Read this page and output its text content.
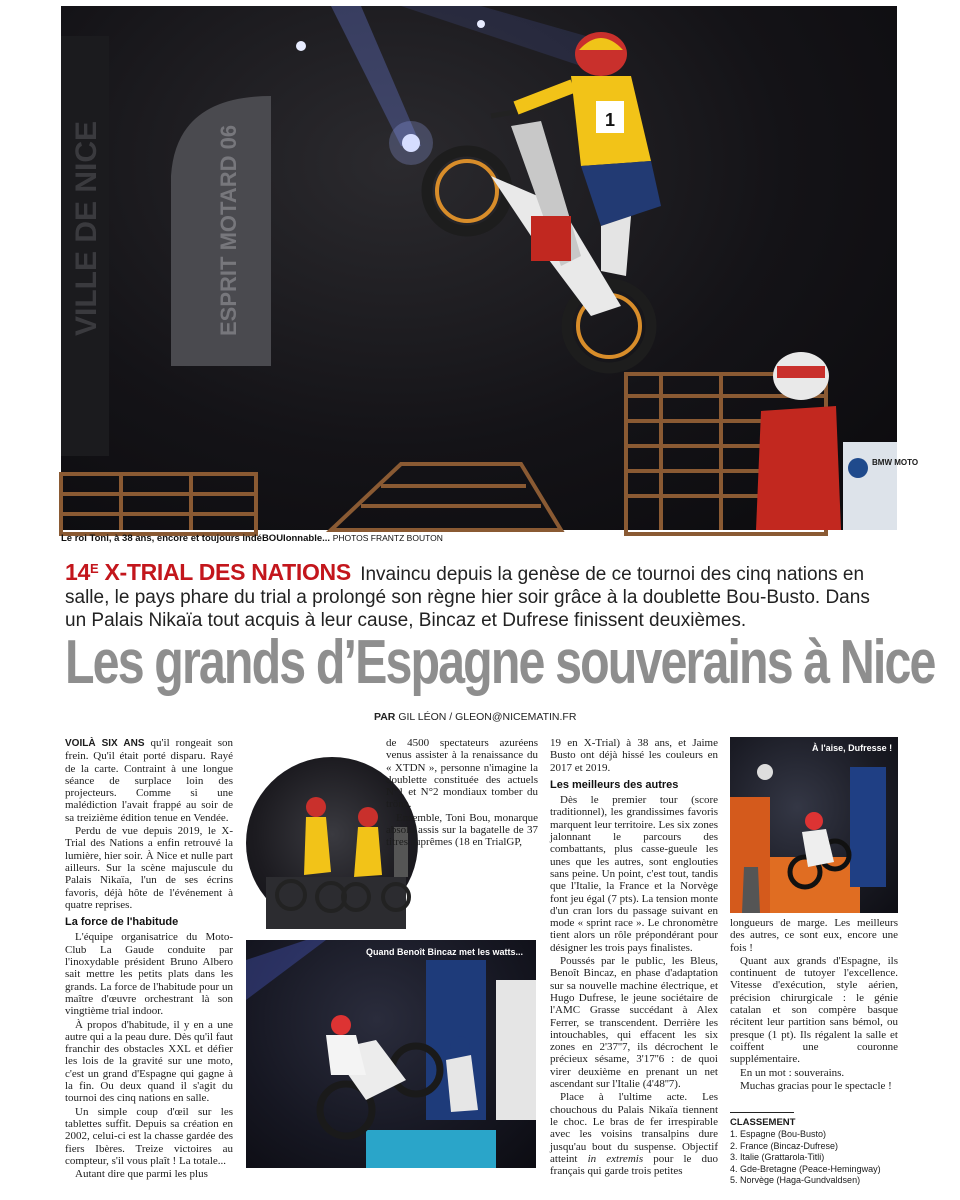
VILLE DE NICE	ESPRIT MOTARD 06
1
BMW MOTO
Le roi Toni, à 38 ans, encore et toujours indéBOUIonnable... PHOTOS FRANTZ BOUTON
$14^E$ X-TRIAL DES NATIONS Invaincu depuis la genèse de ce tournoi des cinq nations en salle, le pays phare du trial a prolongé son règne hier soir grâce à la doublette Bou-Busto. Dans un Palais Nikaïa tout acquis à leur cause, Bincaz et Dufrese finissent deuxièmes.
Les grands d’Espagne souverains à Nice
PAR GIL LÉON / GLEON@NICEMATIN.FR

VOILÀ SIX ANS qu'il rongeait son frein. Qu'il était porté disparu. Rayé de la carte. Contraint à une longue séance de surplace loin des projecteurs. Comme si une malédiction l'avait frappé au soir de sa treizième édition tenue en Vendée.

Perdu de vue depuis 2019, le X-Trial des Nations a enfin retrouvé la lumière, hier soir. À Nice et nulle part ailleurs. Sur la scène majuscule du Palais Nikaïa, l'un de ses écrins favoris, déjà hôte de l'événement à quatre reprises.

La force de l'habitude

L'équipe organisatrice du Moto-Club La Gaude conduite par l'inoxydable président Bruno Albero sait mettre les petits plats dans les grands. La force de l'habitude pour un maître d'œuvre orchestrant là son vingtième trial indoor.

À propos d'habitude, il y en a une autre qui a la peau dure. Dès qu'il faut franchir des obstacles XXL et défier les lois de la gravité sur une moto, c'est un grand d'Espagne qui gagne à la fin. Ou deux quand il s'agit du tournoi des cinq nations en salle.

Un simple coup d'œil sur les tablettes suffit. Depuis sa création en 2002, celui-ci est la chasse gardée des fiers Ibères. Treize victoires au compteur, s'il vous plaît ! La totale...

Autant dire que parmi les plus

de 4500 spectateurs azuréens venus assister à la renaissance du « XTDN », personne n'imagine la doublette constituée des actuels N°1 et N°2 mondiaux tomber du trône.

Ensemble, Toni Bou, monarque absolu assis sur la bagatelle de 37 titres suprêmes (18 en TrialGP,

Quand Benoît Bincaz met les watts...

19 en X-Trial) à 38 ans, et Jaime Busto ont déjà hissé les couleurs en 2017 et 2019.

Les meilleurs des autres

Dès le premier tour (score traditionnel), les grandissimes favoris marquent leur territoire. Les six zones jalonnant le parcours des combattants, plus casse-gueule les unes que les autres, sont englouties sans peine. Un point, c'est tout, tandis que l'Italie, la France et la Norvège font jeu égal (7 pts). La tension monte d'un cran lors du passage suivant en mode « sprint race ». Le chronomètre tient alors un rôle prépondérant pour désigner les trois pays finalistes.

Poussés par le public, les Bleus, Benoît Bincaz, en phase d'adaptation sur sa nouvelle machine électrique, et Hugo Dufrese, le jeune sociétaire de l'AMC Grasse succédant à Alex Ferrer, se transcendent. Derrière les intouchables, qui effacent les six zones en 2'37''7, ils décrochent le précieux sésame, 3'17''6 : de quoi virer deuxième en prenant un net ascendant sur l'Italie (4'48''7).

Place à l'ultime acte. Les chouchous du Palais Nikaïa tiennent le choc. Le bras de fer irrespirable avec les voisins transalpins dure jusqu'au bout du suspense. Objectif atteint in extremis pour le duo français qui garde trois petites

À l'aise, Dufresse !

longueurs de marge. Les meilleurs des autres, ce sont eux, encore une fois !

Quant aux grands d'Espagne, ils continuent de tutoyer l'excellence. Vitesse d'exécution, style aérien, précision chirurgicale : le génie catalan et son compère basque récitent leur partition sans bémol, ou presque (1 pt). Ils régalent la salle et coiffent une couronne supplémentaire.

En un mot : souverains.

Muchas gracias pour le spectacle !

CLASSEMENT
1. Espagne (Bou-Busto)
2. France (Bincaz-Dufrese)
3. Italie (Grattarola-Titli)
4. Gde-Bretagne (Peace-Hemingway)
5. Norvège (Haga-Gundvaldsen)
